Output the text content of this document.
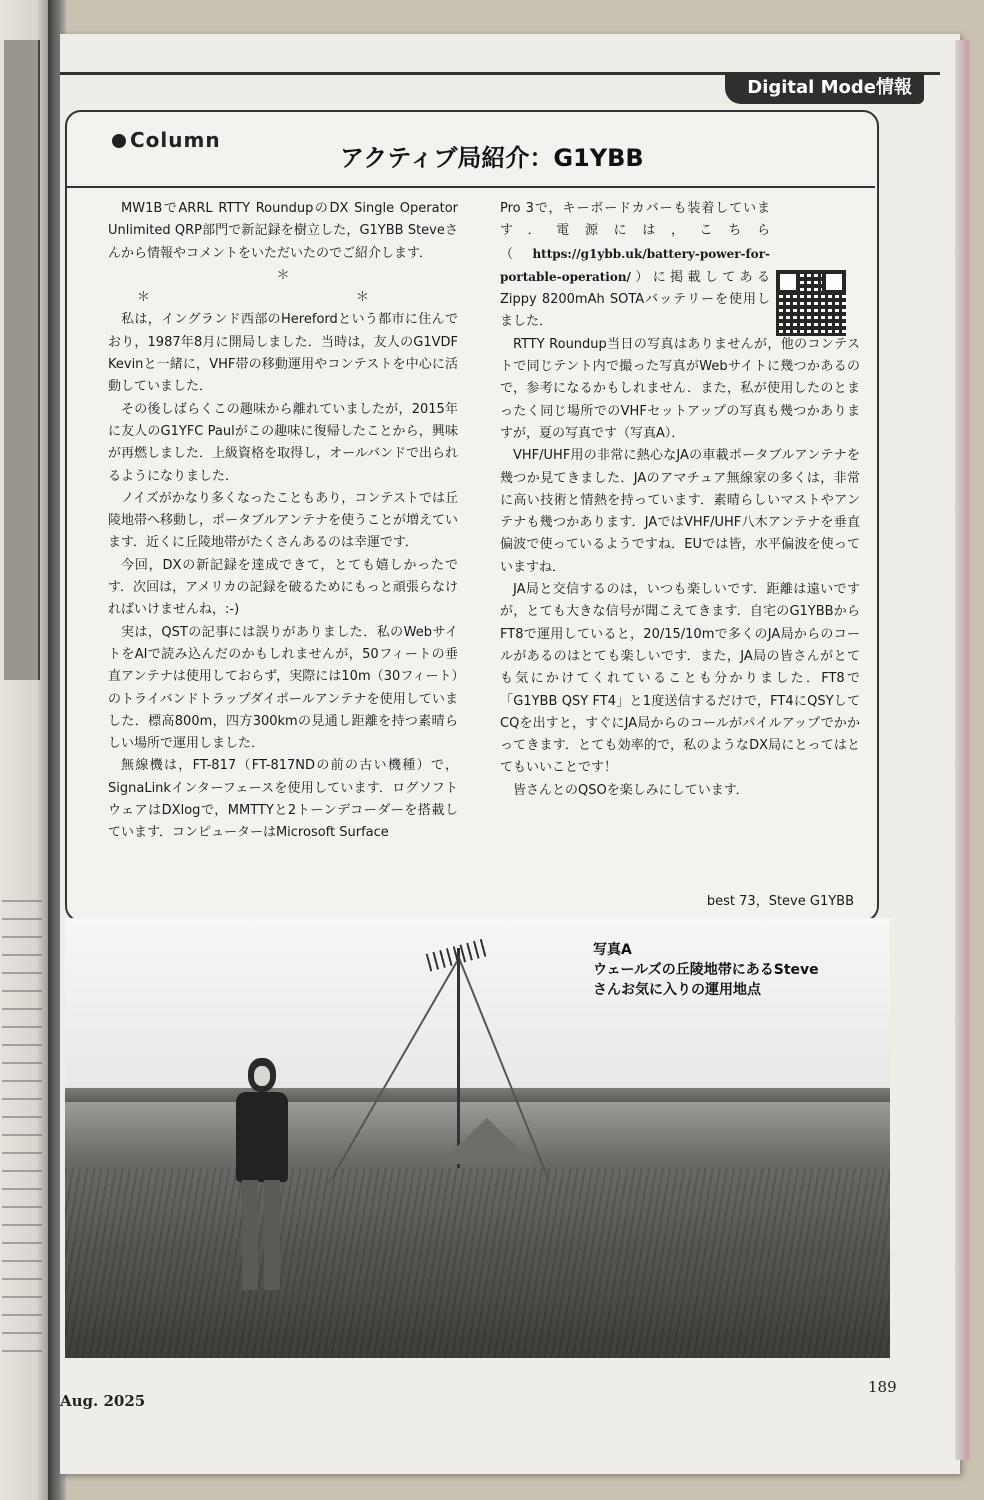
Digital Mode情報
Column
アクティブ局紹介：G1YBB

MW1BでARRL RTTY RoundupのDX Single Operator Unlimited QRP部門で新記録を樹立した，G1YBB Steveさんから情報やコメントをいただいたのでご紹介します．

＊　　＊　　＊

私は，イングランド西部のHerefordという都市に住んでおり，1987年8月に開局しました．当時は，友人のG1VDF Kevinと一緒に，VHF帯の移動運用やコンテストを中心に活動していました．

その後しばらくこの趣味から離れていましたが，2015年に友人のG1YFC Paulがこの趣味に復帰したことから，興味が再燃しました．上級資格を取得し，オールバンドで出られるようになりました．

ノイズがかなり多くなったこともあり，コンテストでは丘陵地帯へ移動し，ポータブルアンテナを使うことが増えています．近くに丘陵地帯がたくさんあるのは幸運です．

今回，DXの新記録を達成できて，とても嬉しかったです．次回は，アメリカの記録を破るためにもっと頑張らなければいけませんね，:-)

実は，QSTの記事には誤りがありました．私のWebサイトをAIで読み込んだのかもしれませんが，50フィートの垂直アンテナは使用しておらず，実際には10m（30フィート）のトライバンドトラップダイポールアンテナを使用していました．標高800m，四方300kmの見通し距離を持つ素晴らしい場所で運用しました．

無線機は，FT-817（FT-817NDの前の古い機種）で，SignaLinkインターフェースを使用しています．ログソフトウェアはDXlogで，MMTTYと2トーンデコーダーを搭載しています．コンピューターはMicrosoft Surface

Pro 3で，キーボードカバーも装着しています．電源には，こちら（https://g1ybb.uk/battery-power-for-portable-operation/）に掲載してあるZippy 8200mAh SOTAバッテリーを使用しました．

RTTY Roundup当日の写真はありませんが，他のコンテストで同じテント内で撮った写真がWebサイトに幾つかあるので，参考になるかもしれません．また，私が使用したのとまったく同じ場所でのVHFセットアップの写真も幾つかありますが，夏の写真です（写真A）．

VHF/UHF用の非常に熱心なJAの車載ポータブルアンテナを幾つか見てきました．JAのアマチュア無線家の多くは，非常に高い技術と情熱を持っています．素晴らしいマストやアンテナも幾つかあります．JAではVHF/UHF八木アンテナを垂直偏波で使っているようですね．EUでは皆，水平偏波を使っていますね．

JA局と交信するのは，いつも楽しいです．距離は遠いですが，とても大きな信号が聞こえてきます．自宅のG1YBBからFT8で運用していると，20/15/10mで多くのJA局からのコールがあるのはとても楽しいです．また，JA局の皆さんがとても気にかけてくれていることも分かりました．FT8で「G1YBB QSY FT4」と1度送信するだけで，FT4にQSYしてCQを出すと，すぐにJA局からのコールがパイルアップでかかってきます．とても効率的で，私のようなDX局にとってはとてもいいことです！

皆さんとのQSOを楽しみにしています．

best 73，Steve G1YBB
写真A
ウェールズの丘陵地帯にあるSteve
さんお気に入りの運用地点
Aug. 2025
189
